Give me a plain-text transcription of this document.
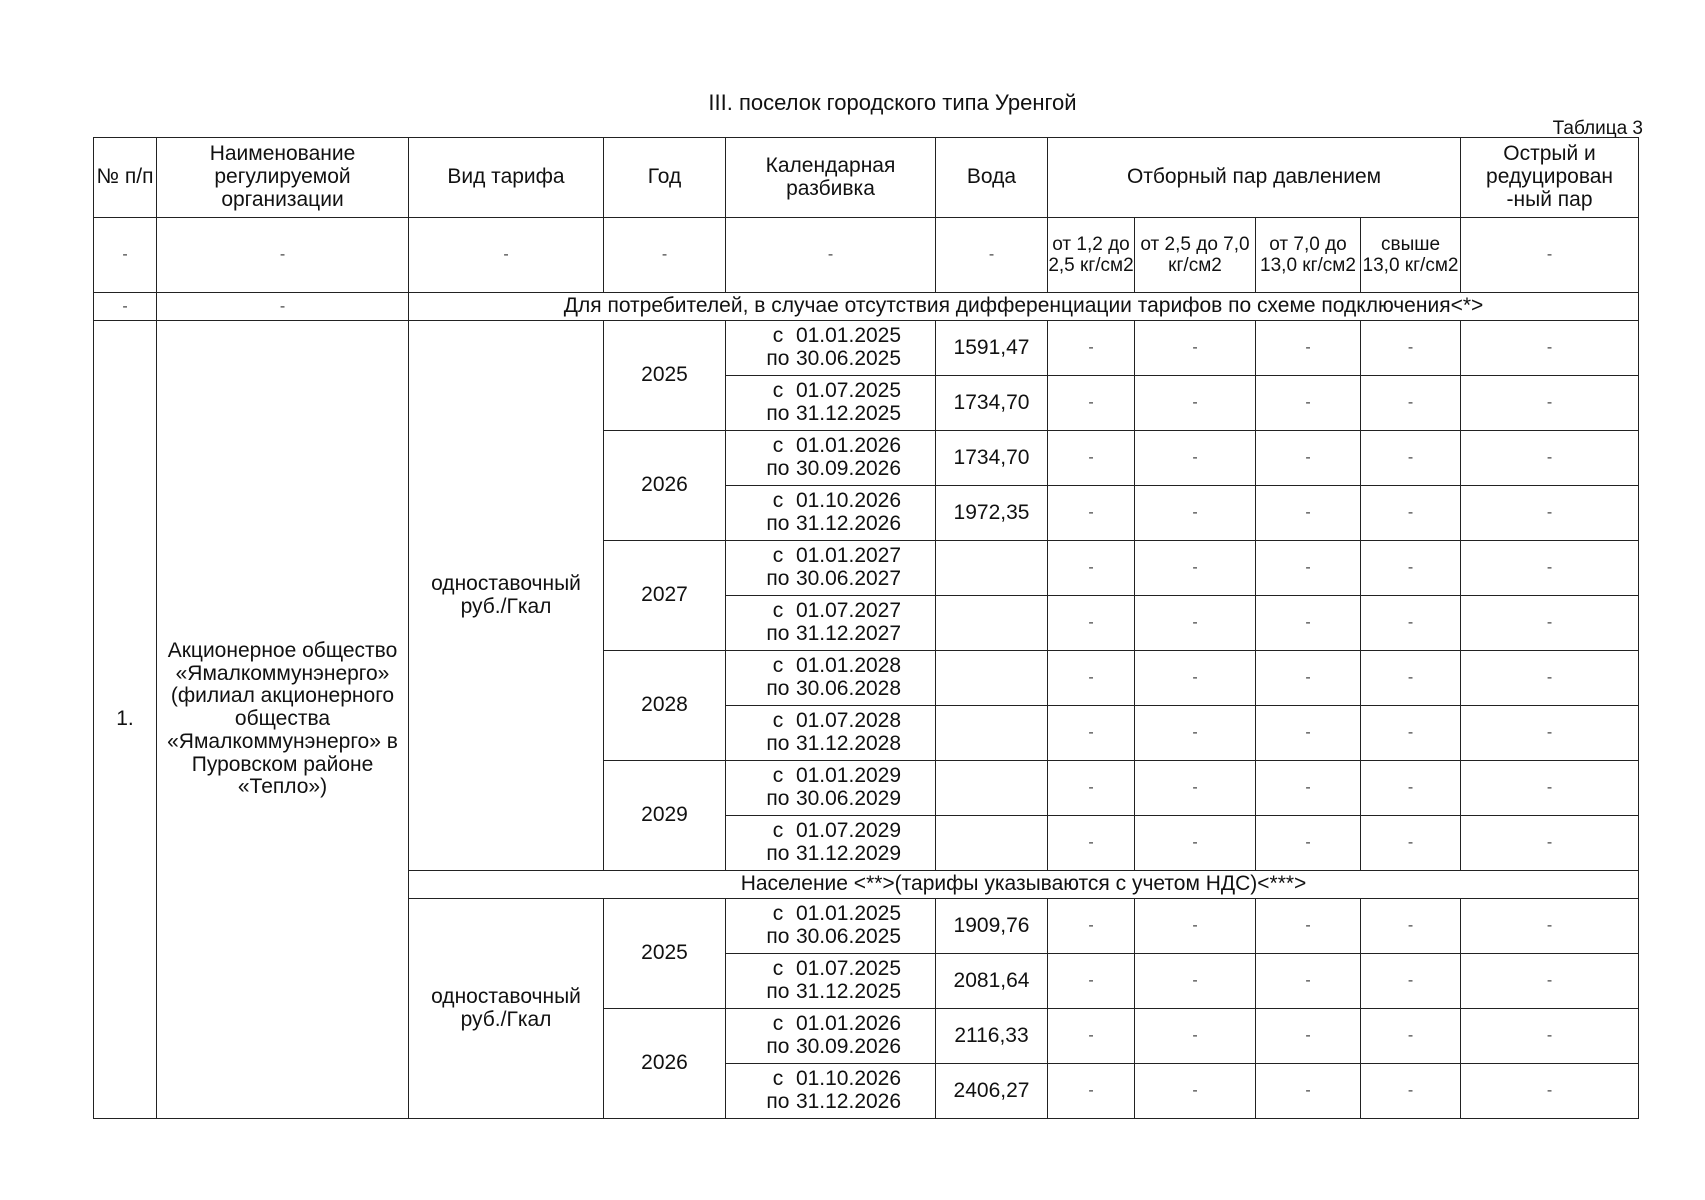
III. поселок городского типа Уренгой
Таблица 3
№ п/п	Наименование регулируемой организации	Вид тарифа	Год	Календарная разбивка	Вода	Отборный пар давлением				Острый и редуцирован -ный пар
-	-	-	-	-	-	от 1,2 до 2,5 кг/см2	от 2,5 до 7,0 кг/см2	от 7,0 до 13,0 кг/см2	свыше 13,0 кг/см2	-
-	-	Для потребителей, в случае отсутствия дифференциации тарифов по схеме подключения<*>								
1.	Акционерное общество «Ямалкоммунэнерго» (филиал акционерного общества «Ямалкоммунэнерго» в Пуровском районе «Тепло»)	одноставочный руб./Гкал	2025	с 01.01.2025
по 30.06.2025	1591,47	-	-	-	-	-

				с 01.07.2025
по 31.12.2025	1734,70	-	-	-	-	-
			2026	с 01.01.2026
по 30.09.2026	1734,70	-	-	-	-	-

				с 01.10.2026
по 31.12.2026	1972,35	-	-	-	-	-
			2027	с 01.01.2027
по 30.06.2027		-	-	-	-	-

				с 01.07.2027
по 31.12.2027		-	-	-	-	-
			2028	с 01.01.2028
по 30.06.2028		-	-	-	-	-

				с 01.07.2028
по 31.12.2028		-	-	-	-	-
			2029	с 01.01.2029
по 30.06.2029		-	-	-	-	-

				с 01.07.2029
по 31.12.2029		-	-	-	-	-
		Население <**>(тарифы указываются с учетом НДС)<***>								
		одноставочный руб./Гкал	2025	с 01.01.2025
по 30.06.2025	1909,76	-	-	-	-	-

				с 01.07.2025
по 31.12.2025	2081,64	-	-	-	-	-
			2026	с 01.01.2026
по 30.09.2026	2116,33	-	-	-	-	-

				с 01.10.2026
по 31.12.2026	2406,27	-	-	-	-	-
